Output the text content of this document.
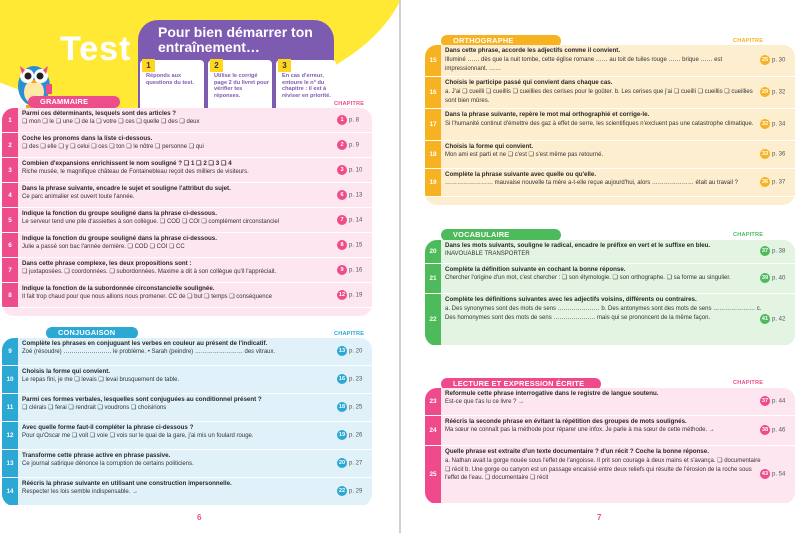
Test Pour bien démarrer ton entraînement…
1
Réponds aux questions du test.
2
Utilise le corrigé page 2 du livret pour vérifier tes réponses.
3
En cas d'erreur, entoure le n° du chapitre : il est à réviser en priorité.
GRAMMAIRE	CHAPITRE
1
Parmi ces déterminants, lesquels sont des articles ?
❑ mon ❑ le ❑ une ❑ de la ❑ votre ❑ ces ❑ quelle ❑ des ❑ deux	1 p. 8
2
Coche les pronoms dans la liste ci-dessous.
❑ des ❑ elle ❑ y ❑ celui ❑ ces ❑ ton ❑ le nôtre ❑ personne ❑ qui	2 p. 9
3
Combien d'expansions enrichissent le nom souligné ? ❑ 1 ❑ 2 ❑ 3 ❑ 4
Riche musée, le magnifique château de Fontainebleau reçoit des milliers de visiteurs.	3 p. 10
4
Dans la phrase suivante, encadre le sujet et souligne l'attribut du sujet.
Ce parc animalier est ouvert toute l'année.	6 p. 13
5
Indique la fonction du groupe souligné dans la phrase ci-dessous.
Le serveur tend une pile d'assiettes à son collègue. ❑ COD ❑ COI ❑ complément circonstanciel	7 p. 14
6
Indique la fonction du groupe souligné dans la phrase ci-dessous.
Julie a passé son bac l'année dernière. ❑ COD ❑ COI ❑ CC	8 p. 15
7
Dans cette phrase complexe, les deux propositions sont :
❑ juxtaposées. ❑ coordonnées. ❑ subordonnées. Maxime a dit à son collègue qu'il l'appréciait.	9 p. 16
8
Indique la fonction de la subordonnée circonstancielle soulignée.
Il fait trop chaud pour que nous allions nous promener. CC de ❑ but ❑ temps ❑ conséquence	12 p. 19
CONJUGAISON	CHAPITRE
9
Complète les phrases en conjuguant les verbes en couleur au présent de l'indicatif.
Zoé (résoudre) …………………… le problème. • Sarah (peindre) …………………… des vitraux.	13 p. 20
10
Choisis la forme qui convient.
Le repas fini, je me ❑ levais ❑ levai brusquement de table.	16 p. 23
11
Parmi ces formes verbales, lesquelles sont conjuguées au conditionnel présent ?
❑ clérais ❑ ferai ❑ rendrait ❑ voudrons ❑ choisirions	18 p. 25
12
Avec quelle forme faut-il compléter la phrase ci-dessous ?
Pour qu'Oscar me ❑ voit ❑ voie ❑ vois sur le quai de la gare, j'ai mis un foulard rouge.	19 p. 26
13
Transforme cette phrase active en phrase passive.
Ce journal satirique dénonce la corruption de certains politiciens.	20 p. 27
14
Réécris la phrase suivante en utilisant une construction impersonnelle.
Respecter les lois semble indispensable. →	22 p. 29
6
ORTHOGRAPHE	CHAPITRE
15
Dans cette phrase, accorde les adjectifs comme il convient.
Illuminé …… dès que la nuit tombe, cette église romane …… au toit de tuiles rouge …… brique …… est impressionnant. ……
25 p. 30
16
Choisis le participe passé qui convient dans chaque cas.
a. J'ai ❑ cueilli ❑ cueillis ❑ cueillies des cerises pour le goûter. b. Les cerises que j'ai ❑ cueilli ❑ cueillis ❑ cueillies sont bien mûres.
29 p. 32
17
Dans la phrase suivante, repère le mot mal orthographié et corrige-le.
Si l'humanité continut d'émettre des gaz à effet de serre, les scientifiques n'excluent pas une catastrophe climatique.	32 p. 34
18
Choisis la forme qui convient.
Mon ami est parti et ne ❑ c'est ❑ s'est même pas retourné.	33 p. 36
19
Complète la phrase suivante avec quelle ou qu'elle.
…………………… mauvaise nouvelle ta mère a-t-elle reçue aujourd'hui, alors ………………… était au travail ?	36 p. 37
VOCABULAIRE	CHAPITRE
20
Dans les mots suivants, souligne le radical, encadre le préfixe en vert et le suffixe en bleu.
INAVOUABLE TRANSPORTER	37 p. 38
21
Complète la définition suivante en cochant la bonne réponse.
Chercher l'origine d'un mot, c'est chercher : ❑ son étymologie. ❑ son orthographe. ❑ sa forme au singulier.	39 p. 40
22
Complète les définitions suivantes avec les adjectifs voisins, différents ou contraires.
a. Des synonymes sont des mots de sens ………………… b. Des antonymes sont des mots de sens ………………… c. Des homonymes sont des mots de sens ………………… mais qui se prononcent de la même façon.	41 p. 42
LECTURE ET EXPRESSION ÉCRITE	CHAPITRE
23
Reformule cette phrase interrogative dans le registre de langue soutenu.
Est-ce que t'as lu ce livre ? →	37 p. 44
24
Réécris la seconde phrase en évitant la répétition des groupes de mots soulignés.
Ma sœur ne connaît pas la méthode pour réparer une infox. Je parle à ma sœur de cette méthode. →	38 p. 46
25
Quelle phrase est extraite d'un texte documentaire ? d'un récit ? Coche la bonne réponse.
a. Nathan avait la gorge nouée sous l'effet de l'angoisse. Il prit son courage à deux mains et s'avança. ❑ documentaire ❑ récit b. Une gorge ou canyon est un passage encaissé entre deux reliefs qui résulte de l'érosion de la roche sous l'effet de l'eau. ❑ documentaire ❑ récit
43 p. 54
7
